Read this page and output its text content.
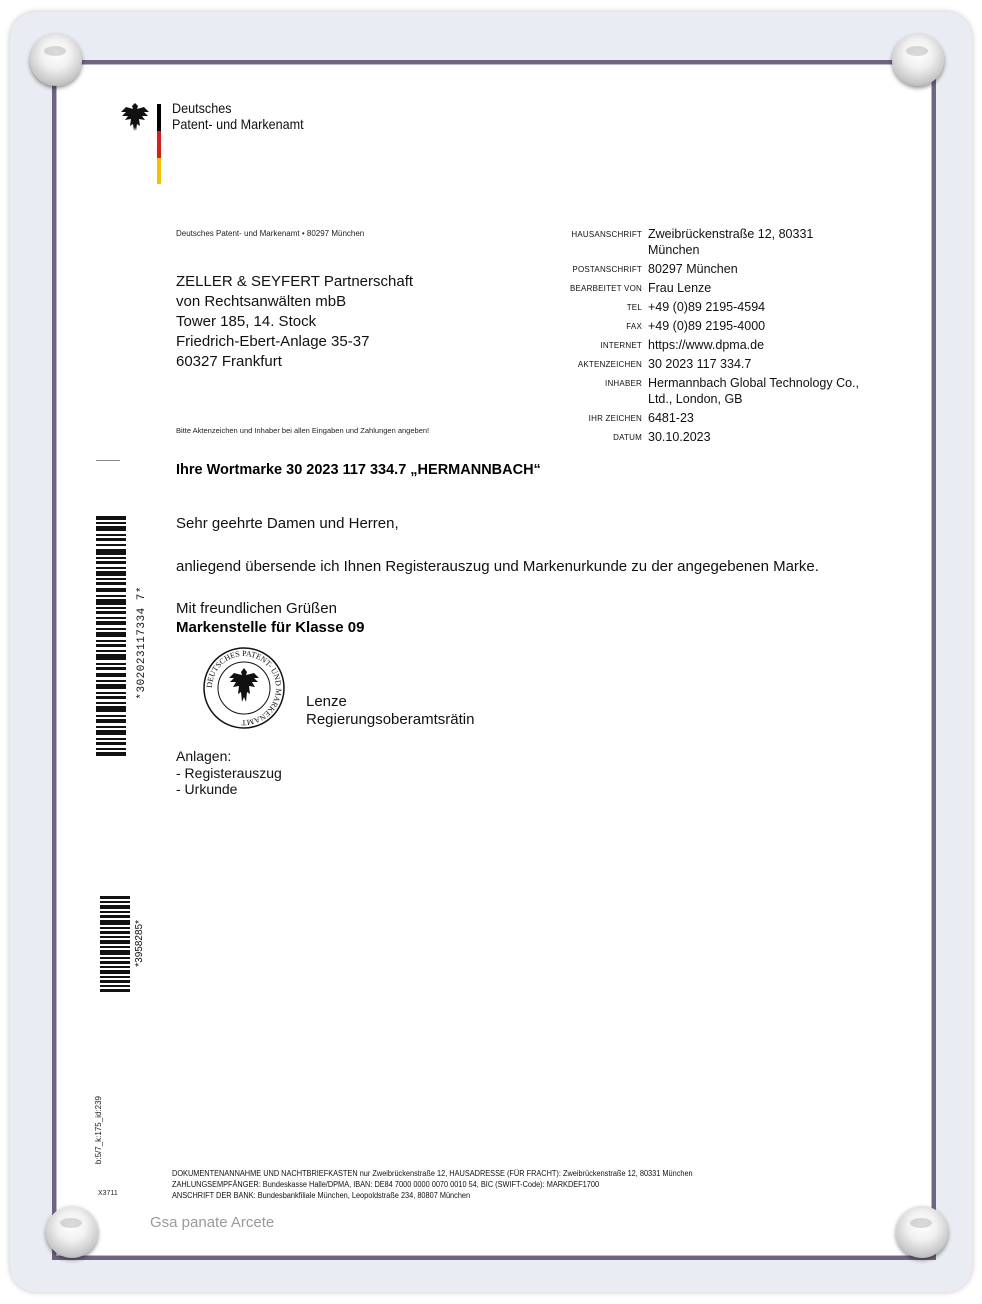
Deutsches
Patent- und Markenamt
Deutsches Patent- und Markenamt • 80297 München
ZELLER & SEYFERT Partnerschaft
von Rechtsanwälten mbB
Tower 185, 14. Stock
Friedrich-Ebert-Anlage 35-37
60327 Frankfurt
HAUSANSCHRIFT Zweibrückenstraße 12, 80331 München
POSTANSCHRIFT 80297 München
BEARBEITET VON Frau Lenze
TEL +49 (0)89 2195-4594
FAX +49 (0)89 2195-4000
INTERNET https://www.dpma.de
AKTENZEICHEN 30 2023 117 334.7
INHABER Hermannbach Global Technology Co., Ltd., London, GB
IHR ZEICHEN 6481-23
DATUM 30.10.2023
Bitte Aktenzeichen und Inhaber bei allen Eingaben und Zahlungen angeben!
Ihre Wortmarke 30 2023 117 334.7 „HERMANNBACH“
Sehr geehrte Damen und Herren,
anliegend übersende ich Ihnen Registerauszug und Markenurkunde zu der angegebenen Marke.
Mit freundlichen Grüßen
Markenstelle für Klasse 09
DEUTSCHES PATENT- UND MARKENAMT
Lenze
Regierungsoberamtsrätin
Anlagen:
- Registerauszug
- Urkunde
*302023117334 7*
*3958285*
b:5/7_k:175_id:239
X3711
DOKUMENTENANNAHME UND NACHTBRIEFKASTEN nur Zweibrückenstraße 12, HAUSADRESSE (FÜR FRACHT): Zweibrückenstraße 12, 80331 München
ZAHLUNGSEMPFÄNGER: Bundeskasse Halle/DPMA, IBAN: DE84 7000 0000 0070 0010 54, BIC (SWIFT-Code): MARKDEF1700
ANSCHRIFT DER BANK: Bundesbankfiliale München, Leopoldstraße 234, 80807 München
Gsa panate Arcete
